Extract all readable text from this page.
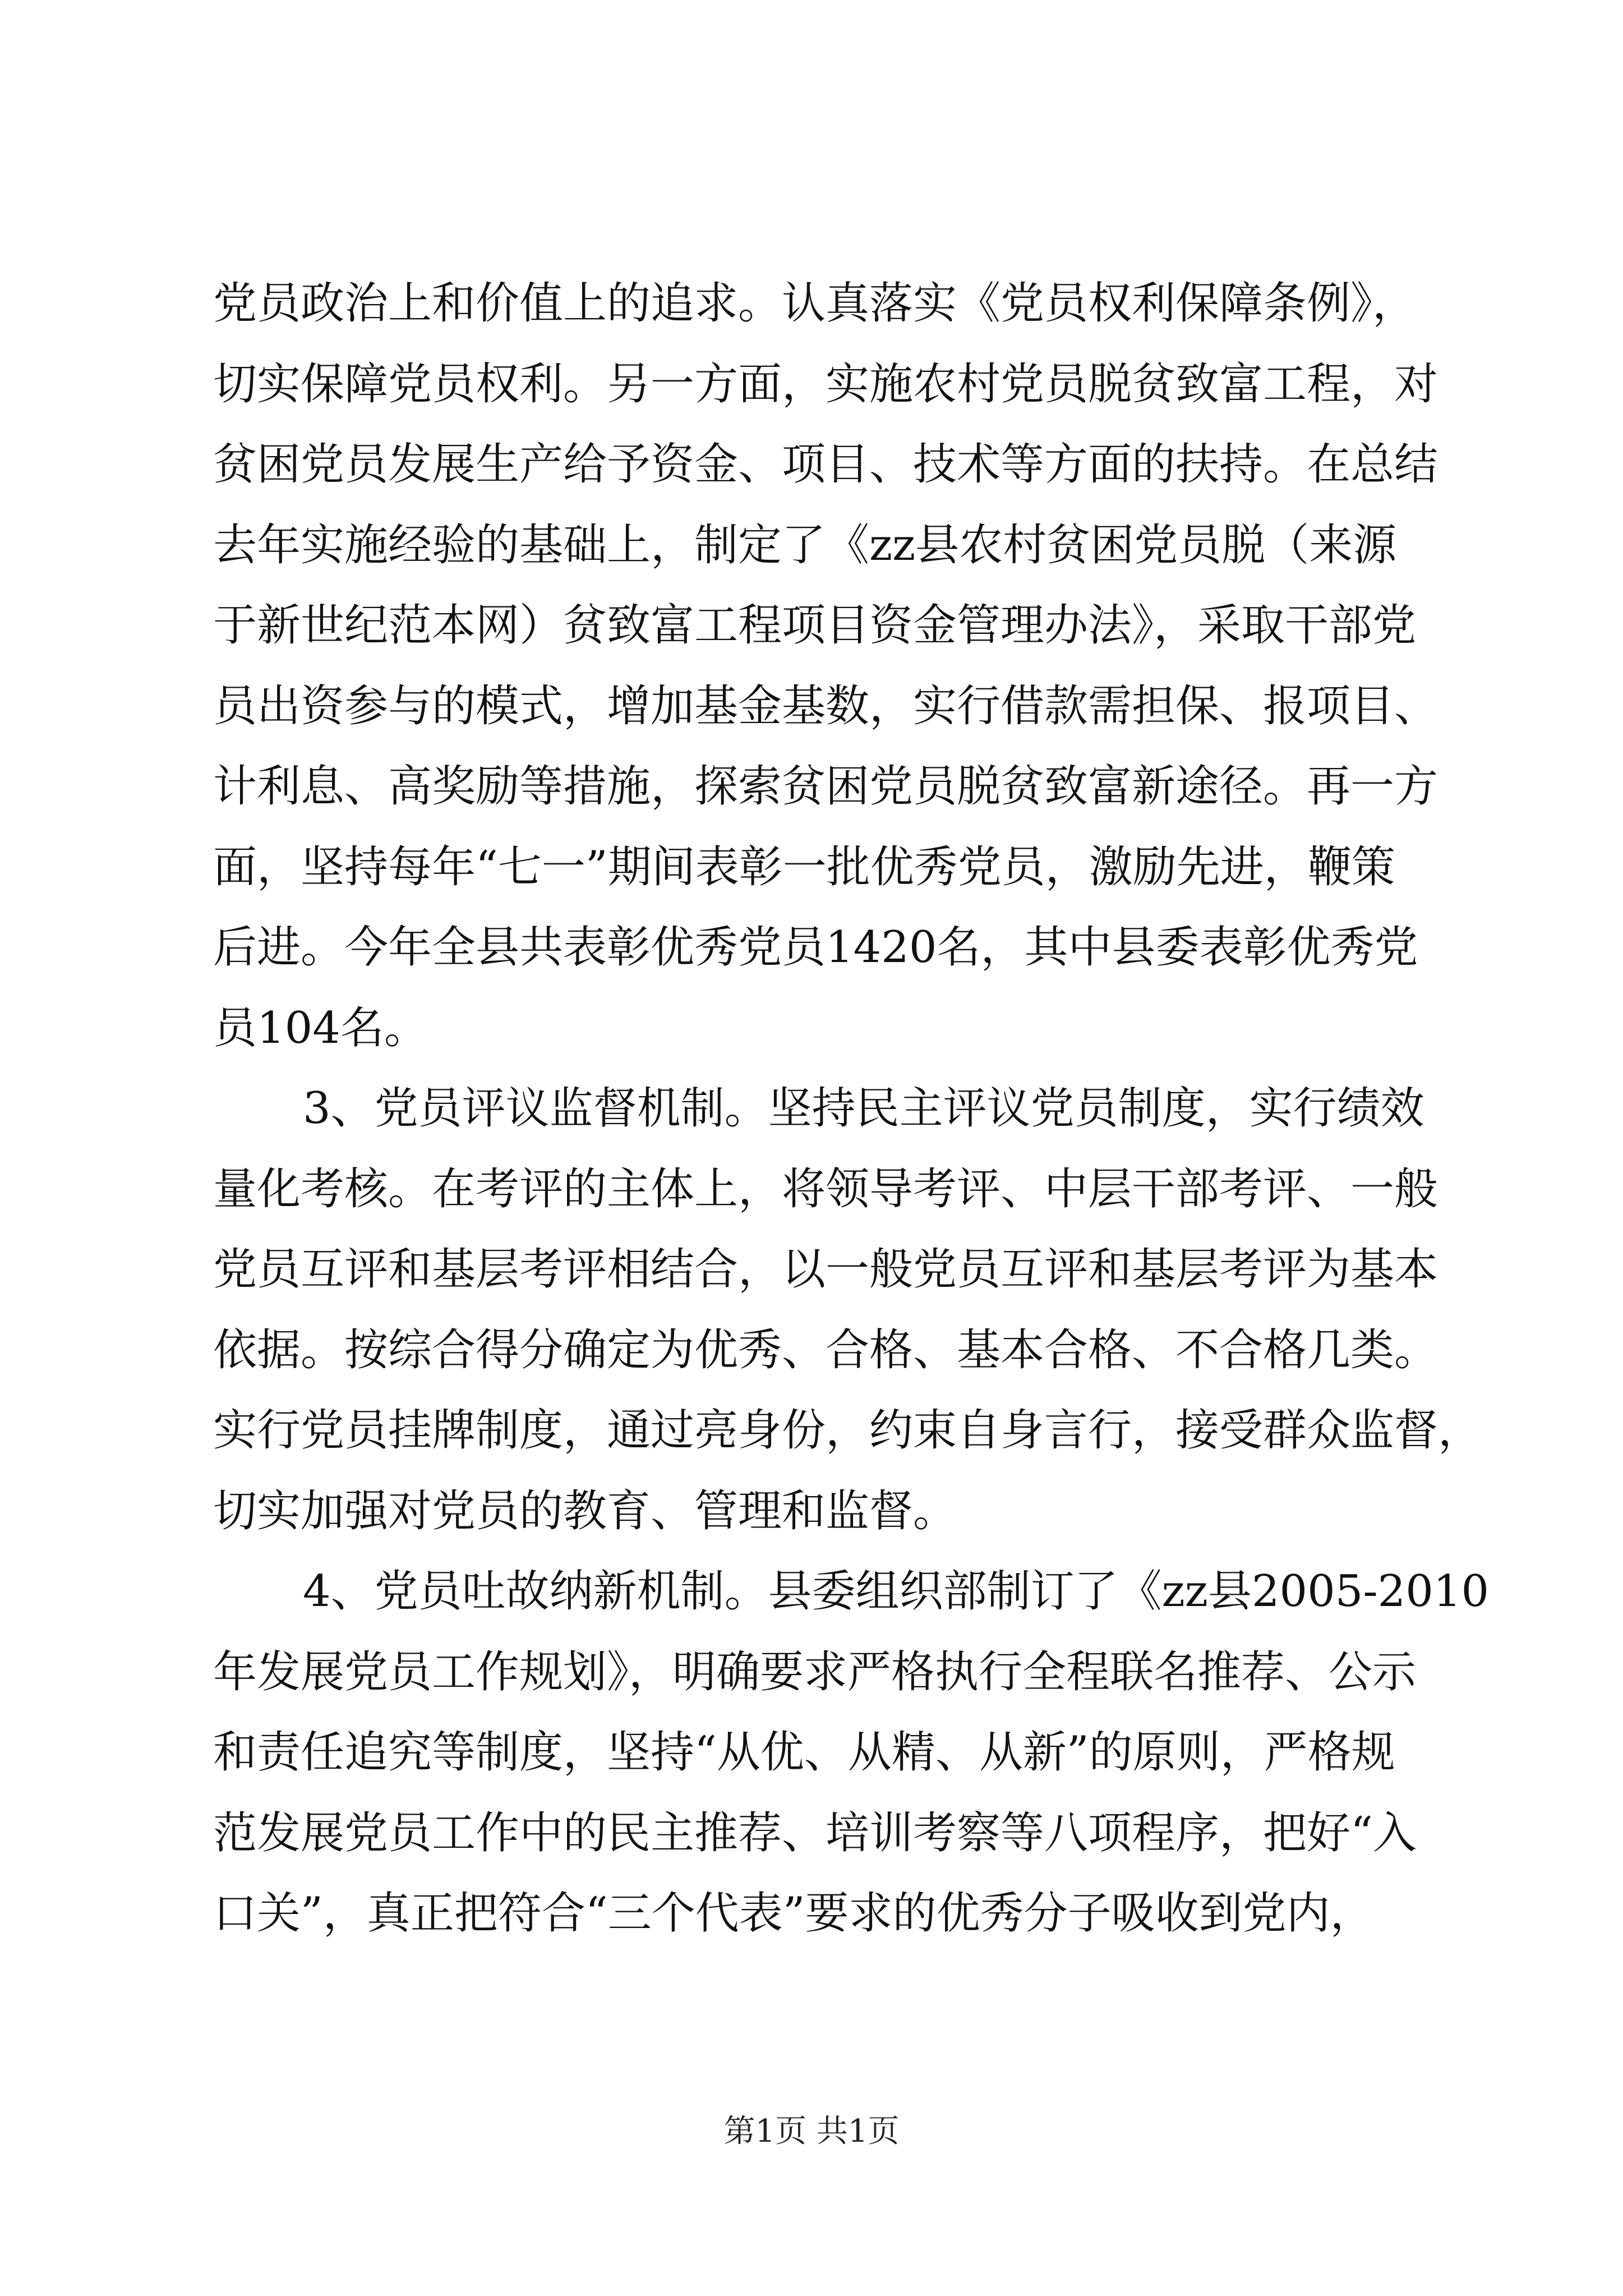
党员政治上和价值上的追求。认真落实《党员权利保障条例》，
切实保障党员权利。另一方面，实施农村党员脱贫致富工程，对
贫困党员发展生产给予资金、项目、技术等方面的扶持。在总结
去年实施经验的基础上，制定了《zz县农村贫困党员脱（来源
于新世纪范本网）贫致富工程项目资金管理办法》，采取干部党
员出资参与的模式，增加基金基数，实行借款需担保、报项目、
计利息、高奖励等措施，探索贫困党员脱贫致富新途径。再一方
面，坚持每年“七一”期间表彰一批优秀党员，激励先进，鞭策
后进。今年全县共表彰优秀党员1420名，其中县委表彰优秀党
员104名。
3、党员评议监督机制。坚持民主评议党员制度，实行绩效
量化考核。在考评的主体上，将领导考评、中层干部考评、一般
党员互评和基层考评相结合，以一般党员互评和基层考评为基本
依据。按综合得分确定为优秀、合格、基本合格、不合格几类。
实行党员挂牌制度，通过亮身份，约束自身言行，接受群众监督，
切实加强对党员的教育、管理和监督。
4、党员吐故纳新机制。县委组织部制订了《zz县2005-2010
年发展党员工作规划》，明确要求严格执行全程联名推荐、公示
和责任追究等制度，坚持“从优、从精、从新”的原则，严格规
范发展党员工作中的民主推荐、培训考察等八项程序，把好“入
口关”，真正把符合“三个代表”要求的优秀分子吸收到党内，
第1页 共1页
